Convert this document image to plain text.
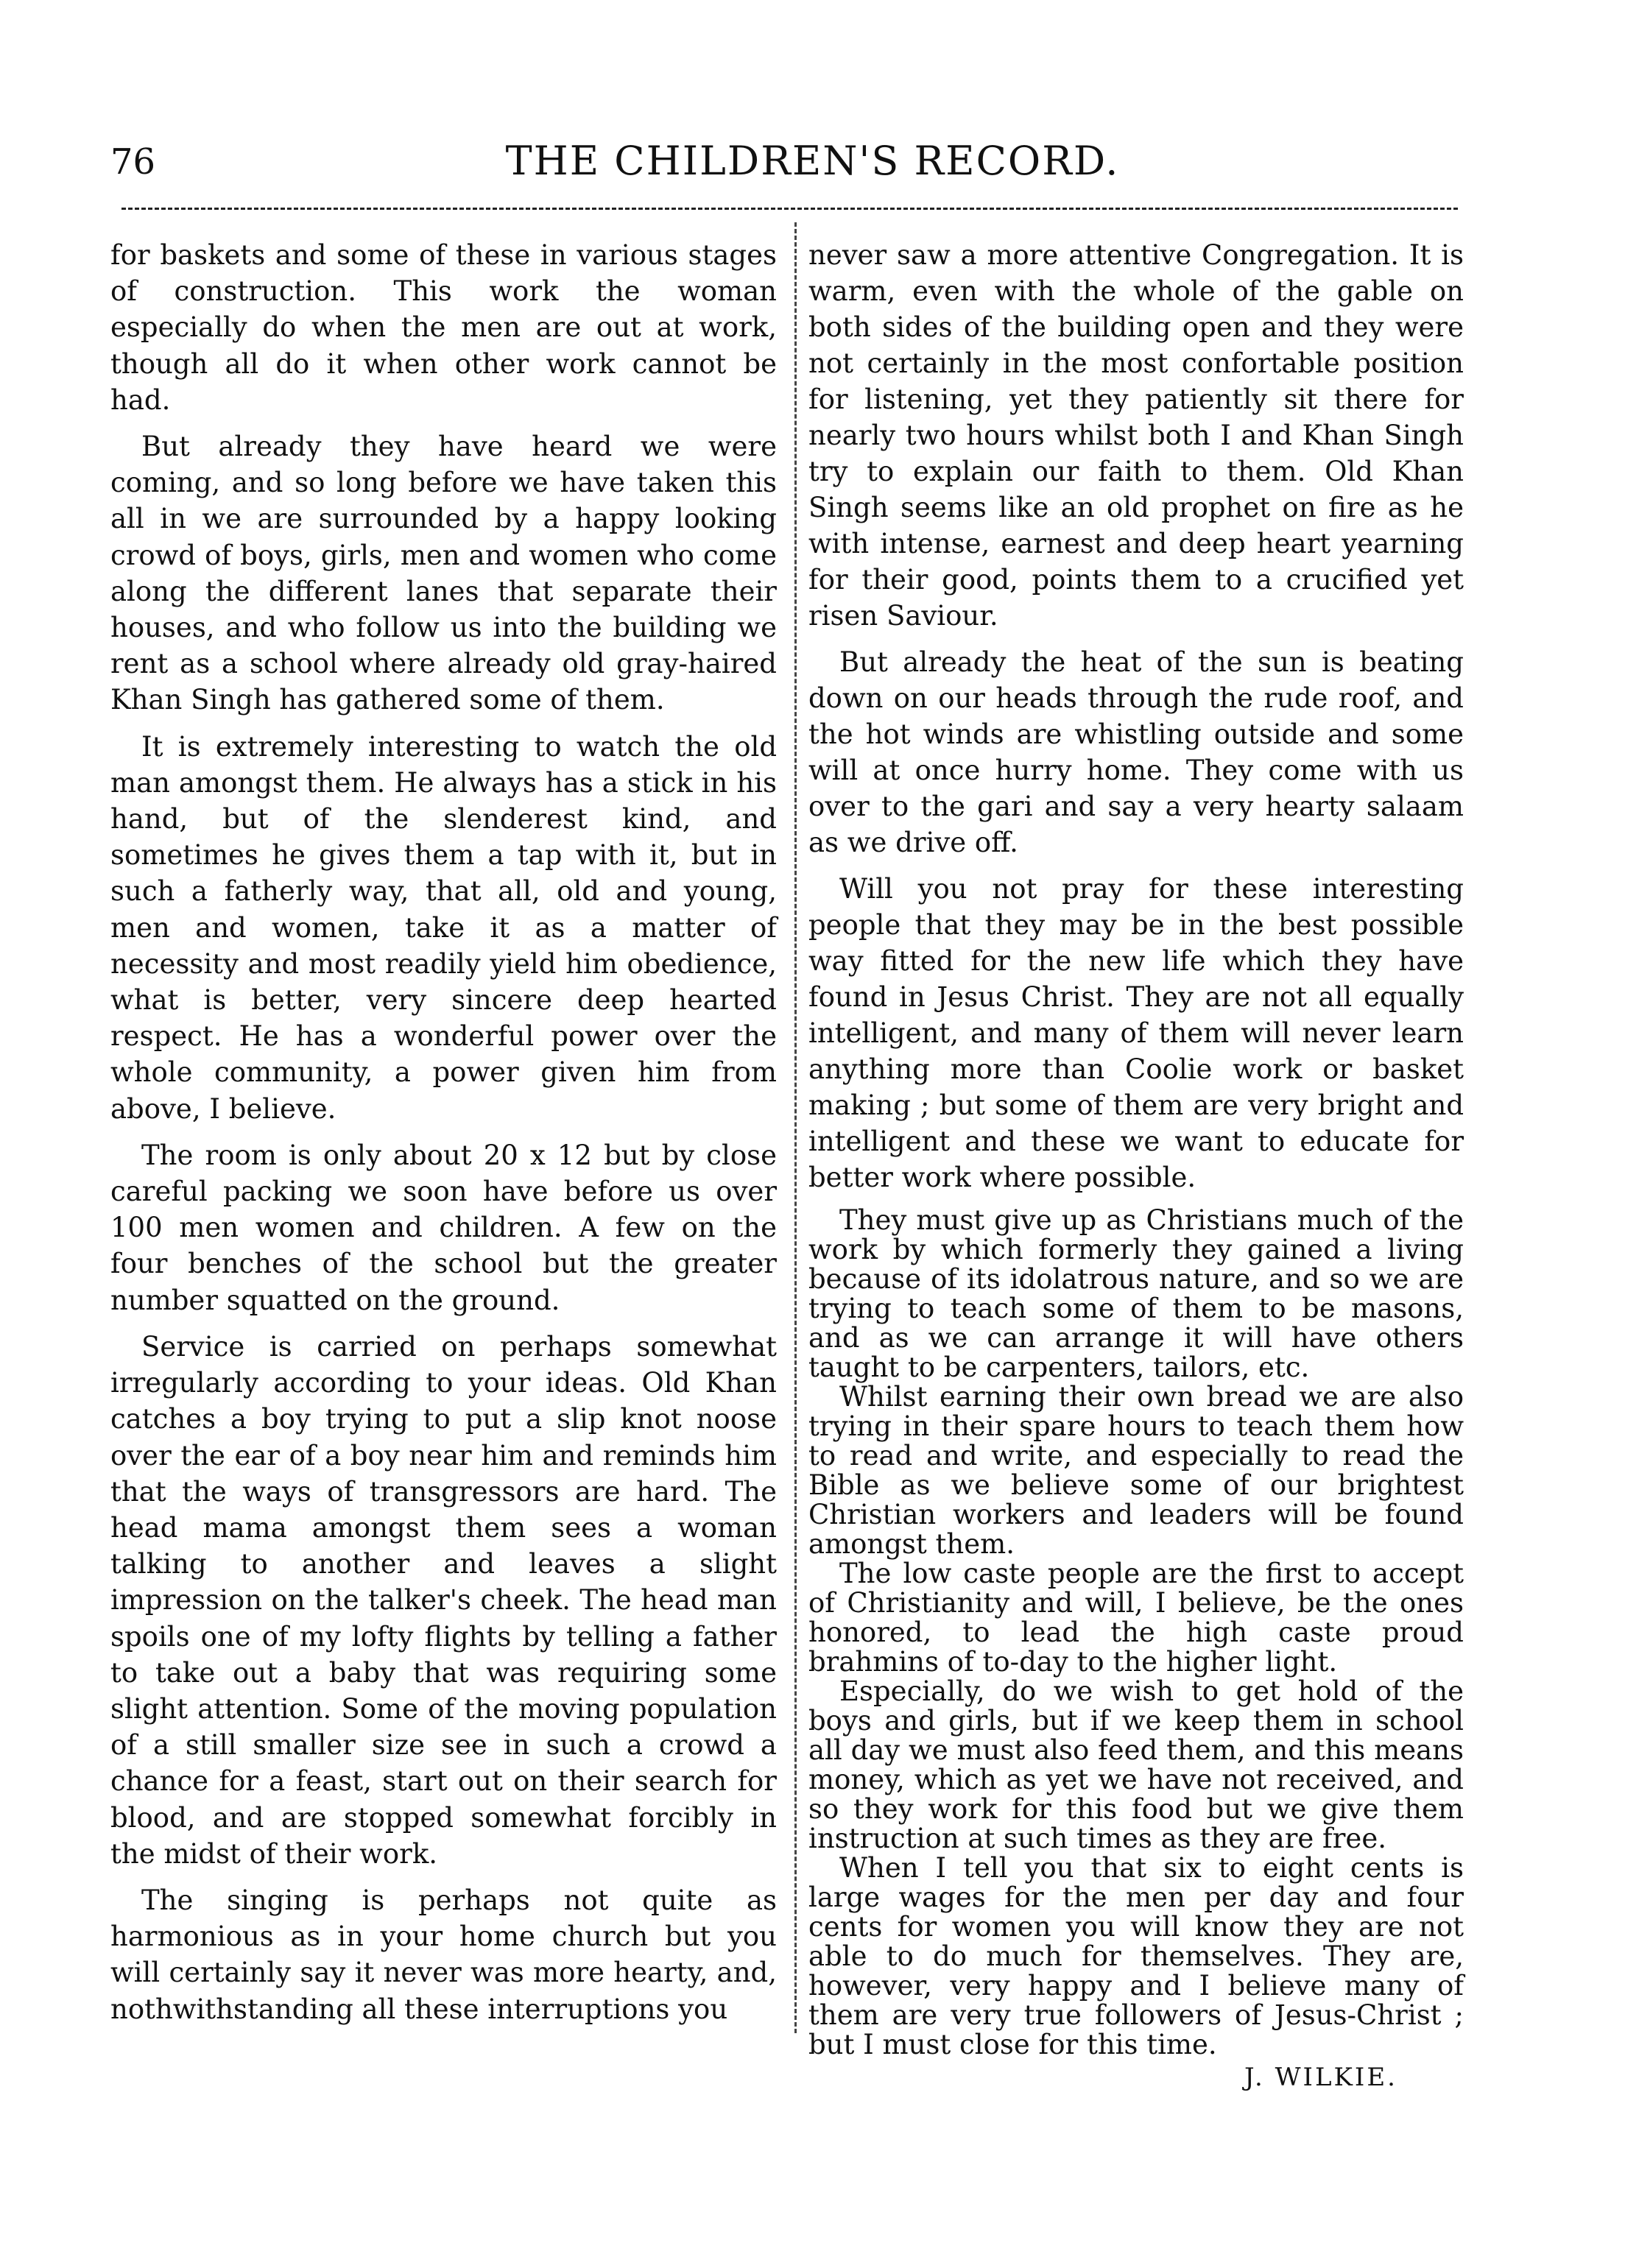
76	THE CHILDREN'S RECORD.

for baskets and some of these in various stages of construction. This work the woman especially do when the men are out at work, though all do it when other work cannot be had.

But already they have heard we were coming, and so long before we have taken this all in we are surrounded by a happy looking crowd of boys, girls, men and women who come along the different lanes that separate their houses, and who follow us into the building we rent as a school where already old gray-haired Khan Singh has gathered some of them.

It is extremely interesting to watch the old man amongst them. He always has a stick in his hand, but of the slenderest kind, and sometimes he gives them a tap with it, but in such a fatherly way, that all, old and young, men and women, take it as a matter of necessity and most readily yield him obedience, what is better, very sincere deep hearted respect. He has a wonderful power over the whole community, a power given him from above, I believe.

The room is only about 20 x 12 but by close careful packing we soon have before us over 100 men women and children. A few on the four benches of the school but the greater number squatted on the ground.

Service is carried on perhaps somewhat irregularly according to your ideas. Old Khan catches a boy trying to put a slip knot noose over the ear of a boy near him and reminds him that the ways of transgressors are hard. The head mama amongst them sees a woman talking to another and leaves a slight impression on the talker's cheek. The head man spoils one of my lofty flights by telling a father to take out a baby that was requiring some slight attention. Some of the moving population of a still smaller size see in such a crowd a chance for a feast, start out on their search for blood, and are stopped somewhat forcibly in the midst of their work.

The singing is perhaps not quite as harmonious as in your home church but you will certainly say it never was more hearty, and, nothwithstanding all these interruptions you

never saw a more attentive Congregation. It is warm, even with the whole of the gable on both sides of the building open and they were not certainly in the most confortable position for listening, yet they patiently sit there for nearly two hours whilst both I and Khan Singh try to explain our faith to them. Old Khan Singh seems like an old prophet on fire as he with intense, earnest and deep heart yearning for their good, points them to a crucified yet risen Saviour.

But already the heat of the sun is beating down on our heads through the rude roof, and the hot winds are whistling outside and some will at once hurry home. They come with us over to the gari and say a very hearty salaam as we drive off.

Will you not pray for these interesting people that they may be in the best possible way fitted for the new life which they have found in Jesus Christ. They are not all equally intelligent, and many of them will never learn anything more than Coolie work or basket making ; but some of them are very bright and intelligent and these we want to educate for better work where possible.

They must give up as Christians much of the work by which formerly they gained a living because of its idolatrous nature, and so we are trying to teach some of them to be masons, and as we can arrange it will have others taught to be carpenters, tailors, etc.

Whilst earning their own bread we are also trying in their spare hours to teach them how to read and write, and especially to read the Bible as we believe some of our brightest Christian workers and leaders will be found amongst them.

The low caste people are the first to accept of Christianity and will, I believe, be the ones honored, to lead the high caste proud brahmins of to-day to the higher light.

Especially, do we wish to get hold of the boys and girls, but if we keep them in school all day we must also feed them, and this means money, which as yet we have not received, and so they work for this food but we give them instruction at such times as they are free.

When I tell you that six to eight cents is large wages for the men per day and four cents for women you will know they are not able to do much for themselves. They are, however, very happy and I believe many of them are very true followers of Jesus-Christ ; but I must close for this time.

J. WILKIE.
